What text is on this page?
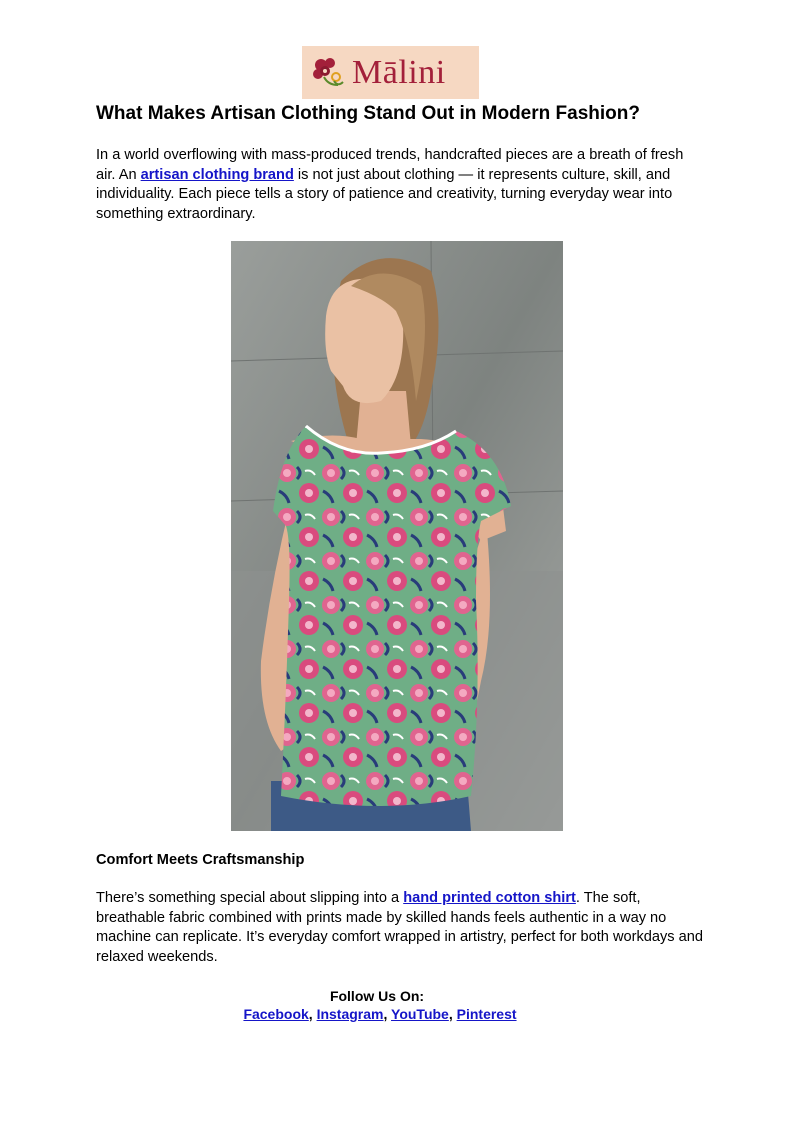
Mālini
What Makes Artisan Clothing Stand Out in Modern Fashion?

In a world overflowing with mass-produced trends, handcrafted pieces are a breath of fresh air. An artisan clothing brand is not just about clothing — it represents culture, skill, and individuality. Each piece tells a story of patience and creativity, turning everyday wear into something extraordinary.

Comfort Meets Craftsmanship

There’s something special about slipping into a hand printed cotton shirt. The soft, breathable fabric combined with prints made by skilled hands feels authentic in a way no machine can replicate. It’s everyday comfort wrapped in artistry, perfect for both workdays and relaxed weekends.

Follow Us On:

Facebook, Instagram, YouTube, Pinterest
